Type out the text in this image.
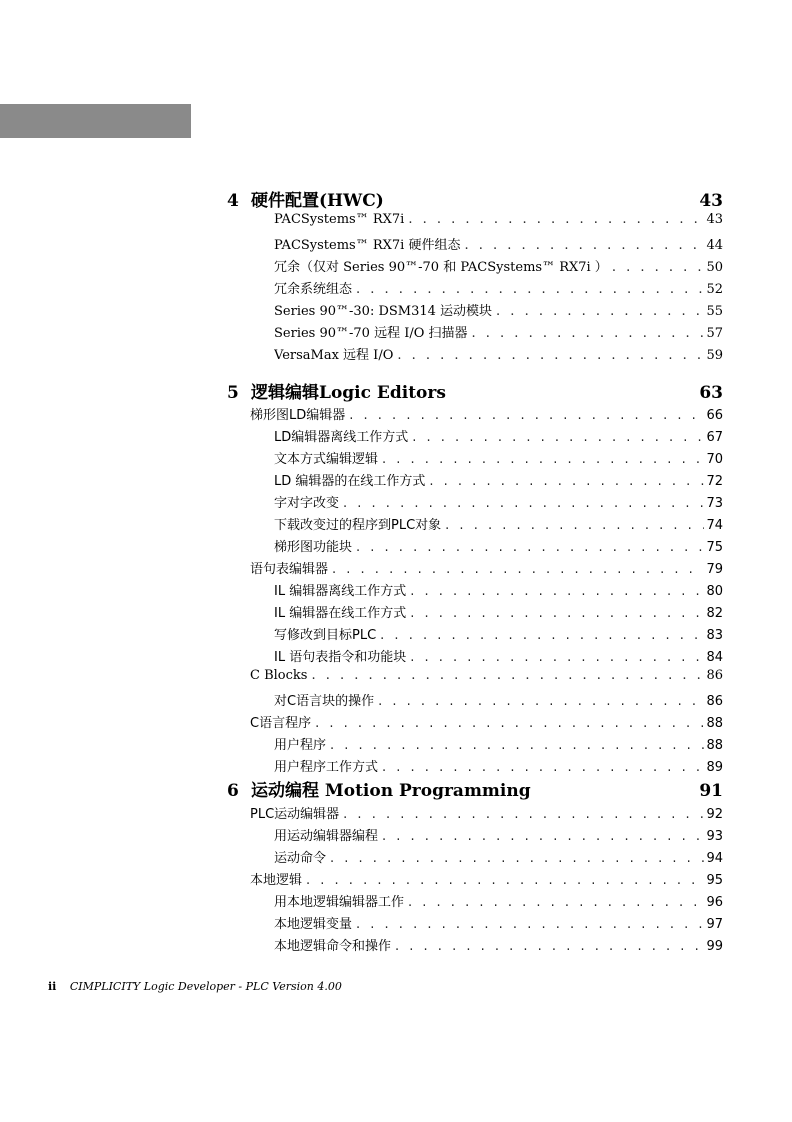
4 硬件配置(HWC)	43
PACSystems™ RX7i . . .	43
PACSystems™ RX7i 硬件组态 . . .	44
冗余（仅对 Series 90™-70 和 PACSystems™ RX7i ） . . .	50
冗余系统组态 . . .	52
Series 90™-30: DSM314 运动模块 . . .	55
Series 90™-70 远程 I/O 扫描器 . . .	57
VersaMax 远程 I/O . . .	59
5 逻辑编辑Logic Editors	63
梯形图LD编辑器 . . .	66
LD编辑器离线工作方式 . . .	67
文本方式编辑逻辑 . . .	70
LD 编辑器的在线工作方式 . . .	72
字对字改变 . . .	73
下载改变过的程序到PLC对象 . . .	74
梯形图功能块 . . .	75
语句表编辑器 . . .	79
IL 编辑器离线工作方式 . . .	80
IL 编辑器在线工作方式 . . .	82
写修改到目标PLC . . .	83
IL 语句表指令和功能块 . . .	84
C Blocks . . .	86
对C语言块的操作 . . .	86
C语言程序 . . .	88
用户程序 . . .	88
用户程序工作方式 . . .	89
6 运动编程 Motion Programming	91
PLC运动编辑器 . . .	92
用运动编辑器编程 . . .	93
运动命令 . . .	94
本地逻辑 . . .	95
用本地逻辑编辑器工作 . . .	96
本地逻辑变量 . . .	97
本地逻辑命令和操作 . . .	99
ii CIMPLICITY Logic Developer - PLC Version 4.00
